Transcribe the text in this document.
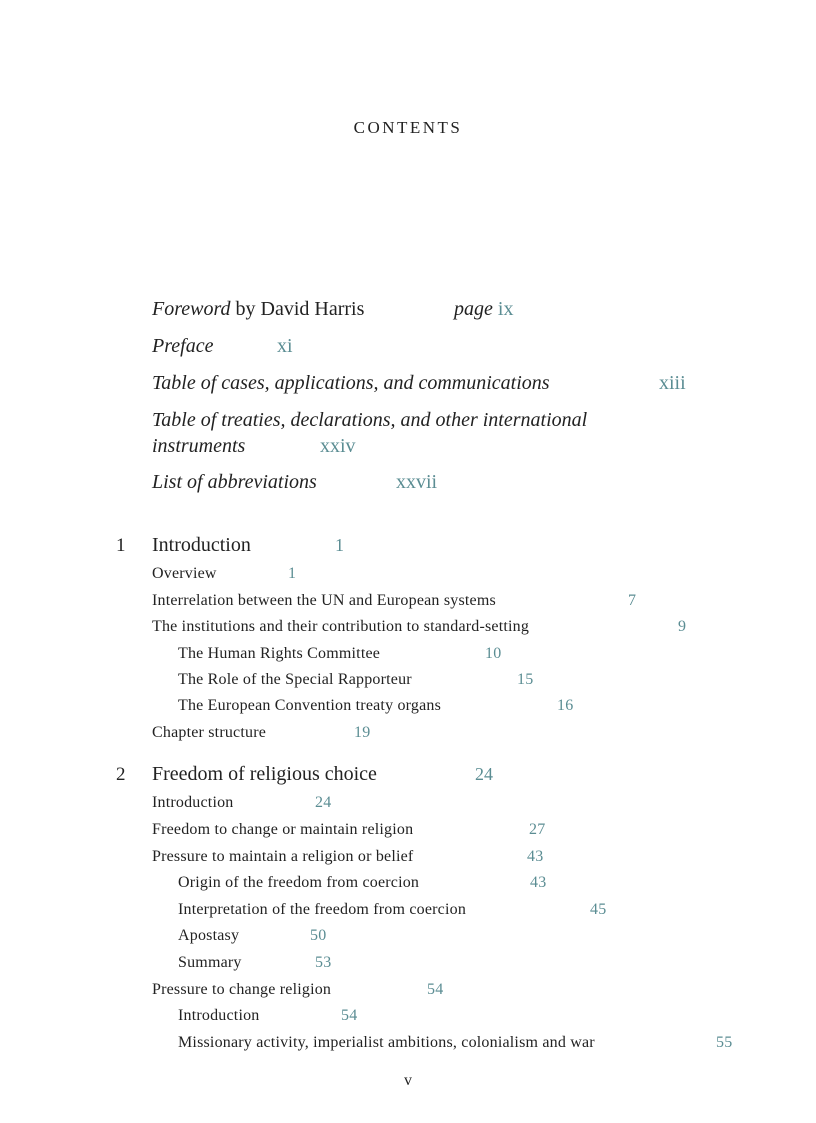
CONTENTS
Foreword by David Harris	page ix
Preface	xi
Table of cases, applications, and communications	xiii
Table of treaties, declarations, and other international
instruments	xxiv
List of abbreviations	xxvii
1 Introduction	1
Overview	1
Interrelation between the UN and European systems	7
The institutions and their contribution to standard-setting	9
The Human Rights Committee	10
The Role of the Special Rapporteur	15
The European Convention treaty organs	16
Chapter structure	19
2 Freedom of religious choice	24
Introduction	24
Freedom to change or maintain religion	27
Pressure to maintain a religion or belief	43
Origin of the freedom from coercion	43
Interpretation of the freedom from coercion	45
Apostasy	50
Summary	53
Pressure to change religion	54
Introduction	54
Missionary activity, imperialist ambitions, colonialism and war	55
v
